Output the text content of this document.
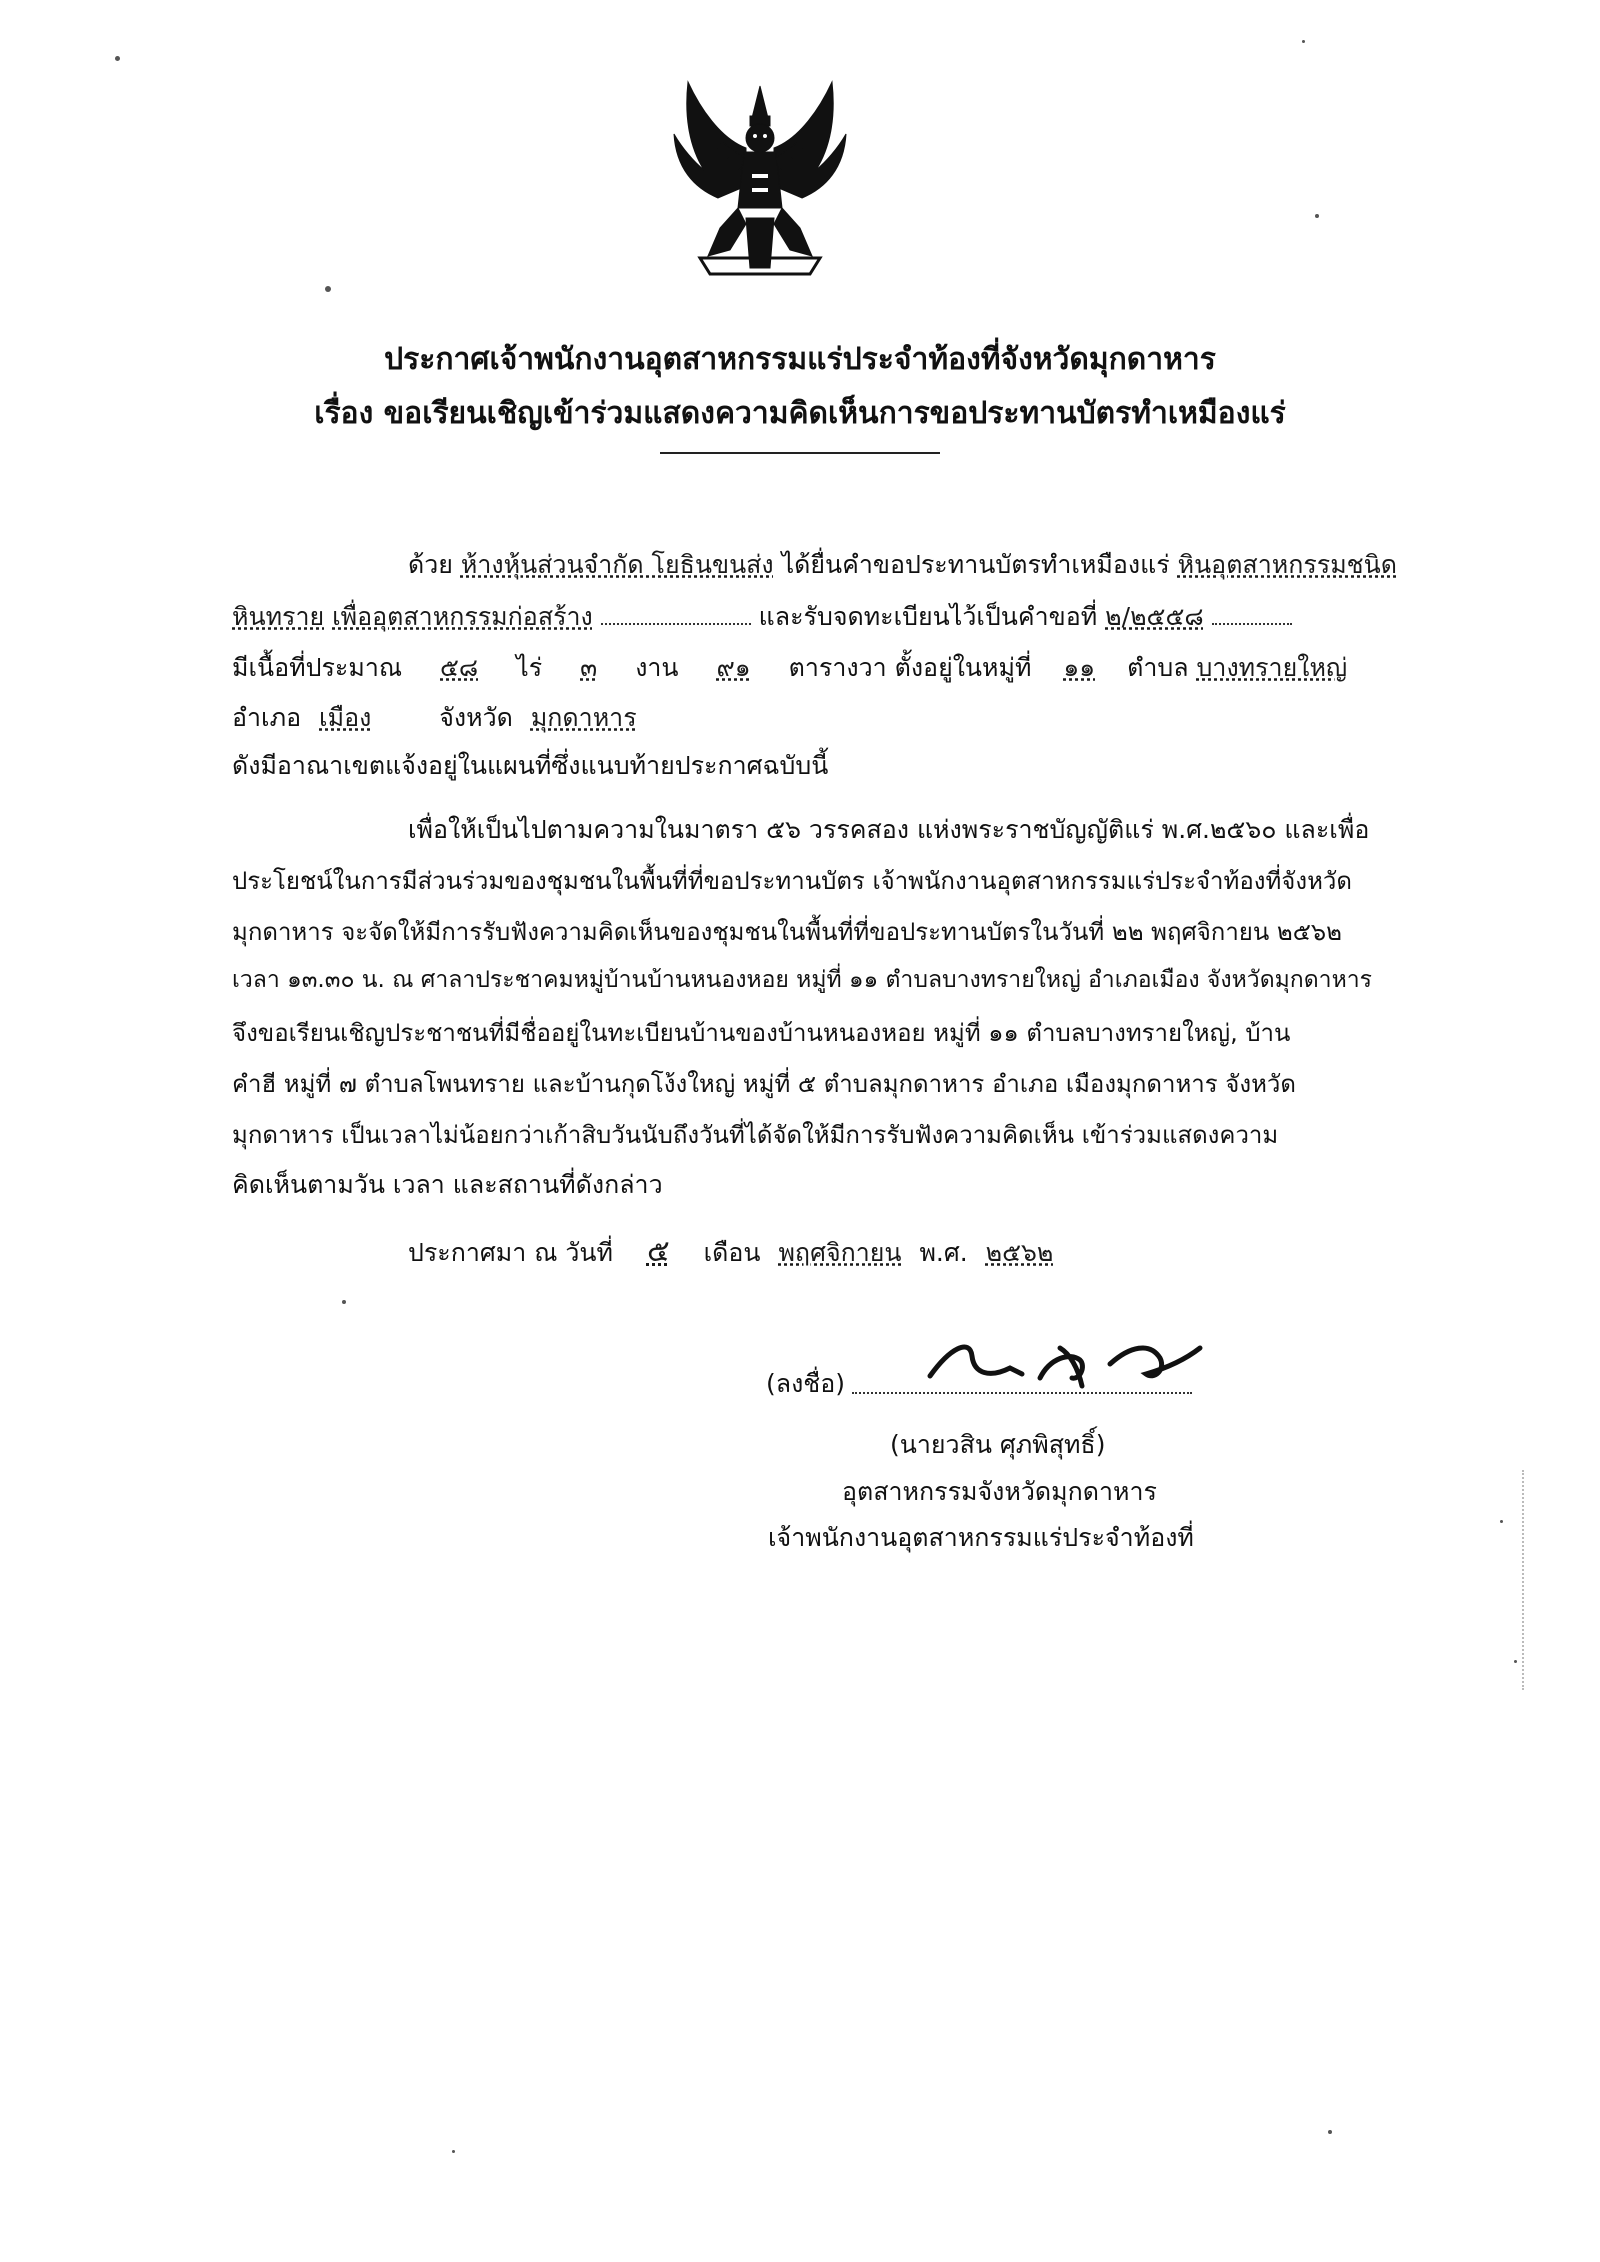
ประกาศเจ้าพนักงานอุตสาหกรรมแร่ประจำท้องที่จังหวัดมุกดาหาร
เรื่อง ขอเรียนเชิญเข้าร่วมแสดงความคิดเห็นการขอประทานบัตรทำเหมืองแร่
ด้วย ห้างหุ้นส่วนจำกัด โยธินขนส่ง ได้ยื่นคำขอประทานบัตรทำเหมืองแร่ หินอุตสาหกรรมชนิด
หินทราย เพื่ออุตสาหกรรมก่อสร้าง	และรับจดทะเบียนไว้เป็นคำขอที่ ๒/๒๕๕๘
มีเนื้อที่ประมาณ ๕๘ ไร่ ๓ งาน ๙๑ ตารางวา ตั้งอยู่ในหมู่ที่ ๑๑ ตำบล บางทรายใหญ่
อำเภอ เมือง	จังหวัด มุกดาหาร
ดังมีอาณาเขตแจ้งอยู่ในแผนที่ซึ่งแนบท้ายประกาศฉบับนี้
เพื่อให้เป็นไปตามความในมาตรา ๕๖ วรรคสอง แห่งพระราชบัญญัติแร่ พ.ศ.๒๕๖๐ และเพื่อ
ประโยชน์ในการมีส่วนร่วมของชุมชนในพื้นที่ที่ขอประทานบัตร เจ้าพนักงานอุตสาหกรรมแร่ประจำท้องที่จังหวัด
มุกดาหาร จะจัดให้มีการรับฟังความคิดเห็นของชุมชนในพื้นที่ที่ขอประทานบัตรในวันที่ ๒๒ พฤศจิกายน ๒๕๖๒
เวลา ๑๓.๓๐ น. ณ ศาลาประชาคมหมู่บ้านบ้านหนองหอย หมู่ที่ ๑๑ ตำบลบางทรายใหญ่ อำเภอเมือง จังหวัดมุกดาหาร
จึงขอเรียนเชิญประชาชนที่มีชื่ออยู่ในทะเบียนบ้านของบ้านหนองหอย หมู่ที่ ๑๑ ตำบลบางทรายใหญ่, บ้าน
คำฮี หมู่ที่ ๗ ตำบลโพนทราย และบ้านกุดโง้งใหญ่ หมู่ที่ ๕ ตำบลมุกดาหาร อำเภอ เมืองมุกดาหาร จังหวัด
มุกดาหาร เป็นเวลาไม่น้อยกว่าเก้าสิบวันนับถึงวันที่ได้จัดให้มีการรับฟังความคิดเห็น เข้าร่วมแสดงความ
คิดเห็นตามวัน เวลา และสถานที่ดังกล่าว
ประกาศมา ณ วันที่ ๕ เดือน พฤศจิกายน พ.ศ. ๒๕๖๒
(ลงชื่อ)
(นายวสิน ศุภพิสุทธิ์)
อุตสาหกรรมจังหวัดมุกดาหาร
เจ้าพนักงานอุตสาหกรรมแร่ประจำท้องที่
